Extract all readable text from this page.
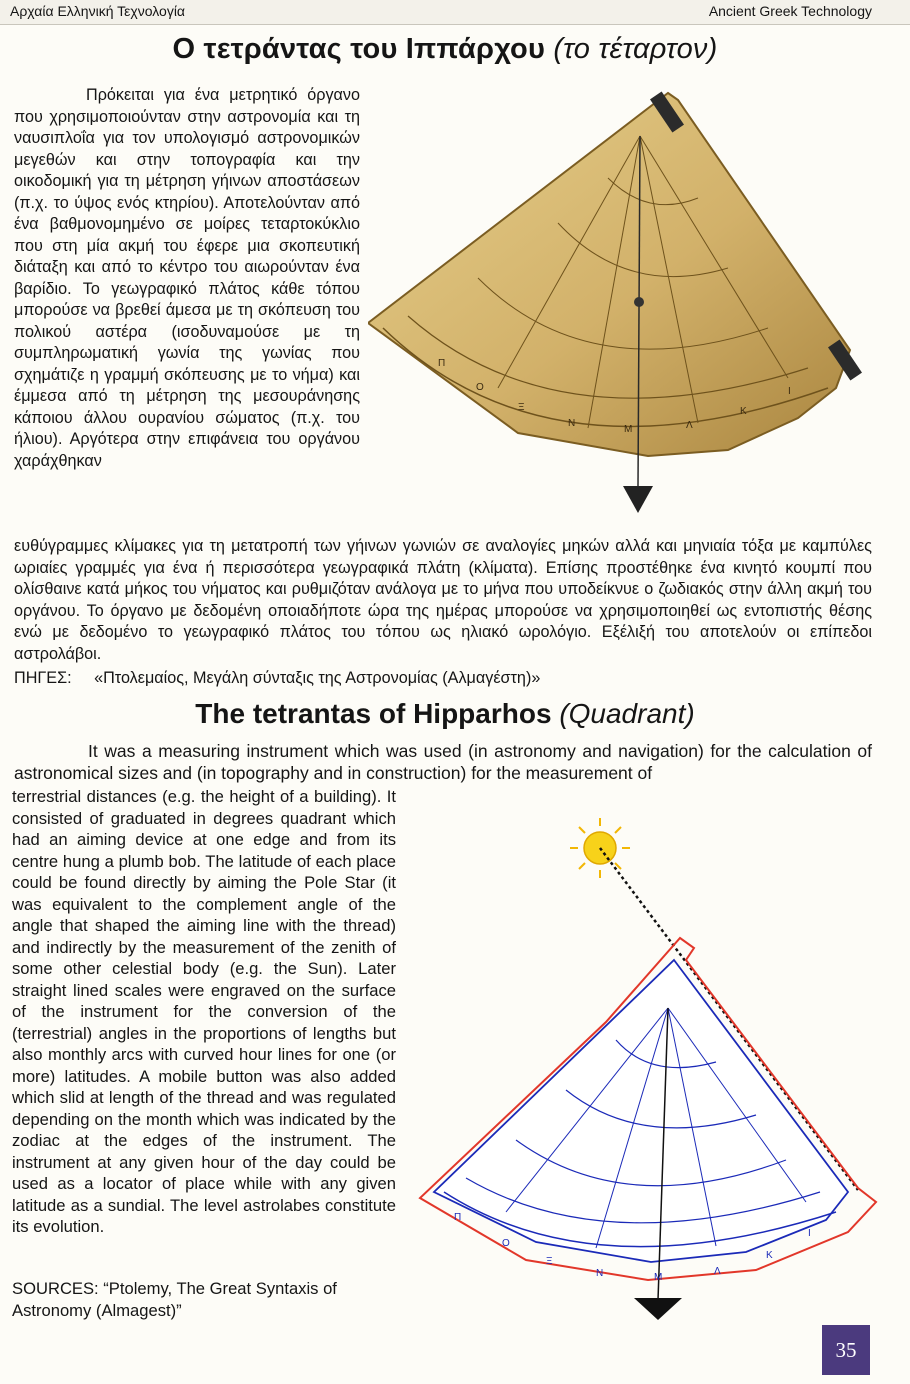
Αρχαία Ελληνική Τεχνολογία	Ancient Greek Technology
Ο τετράντας του Ιππάρχου (το τέταρτον)
Πρόκειται για ένα μετρητικό όργανο που χρησιμοποιούνταν στην αστρονομία και τη ναυσιπλοΐα για τον υπολογισμό αστρονομικών μεγεθών και στην τοπογραφία και την οικοδομική για τη μέτρηση γήινων αποστάσεων (π.χ. το ύψος ενός κτηρίου). Αποτελούνταν από ένα βαθμονομημένο σε μοίρες τεταρτοκύκλιο που στη μία ακμή του έφερε μια σκοπευτική διάταξη και από το κέντρο του αιωρούνταν ένα βαρίδιο. Το γεωγραφικό πλάτος κάθε τόπου μπορούσε να βρεθεί άμεσα με τη σκόπευση του πολικού αστέρα (ισοδυναμούσε με τη συμπληρωματική γωνία της γωνίας που σχημάτιζε η γραμμή σκόπευσης με το νήμα) και έμμεσα από τη μέτρηση της μεσουράνησης κάποιου άλλου ουρανίου σώματος (π.χ. του ήλιου). Αργότερα στην επιφάνεια του οργάνου χαράχθηκαν
Π
Ο
Ξ
Ν
Μ	Λ
Κ
Ι
ευθύγραμμες κλίμακες για τη μετατροπή των γήινων γωνιών σε αναλογίες μηκών αλλά και μηνιαία τόξα με καμπύλες ωριαίες γραμμές για ένα ή περισσότερα γεωγραφικά πλάτη (κλίματα). Επίσης προστέθηκε ένα κινητό κουμπί που ολίσθαινε κατά μήκος του νήματος και ρυθμιζόταν ανάλογα με το μήνα που υποδείκνυε ο ζωδιακός στην άλλη ακμή του οργάνου. Το όργανο με δεδομένη οποιαδήποτε ώρα της ημέρας μπορούσε να χρησιμοποιηθεί ως εντοπιστής θέσης ενώ με δεδομένο το γεωγραφικό πλάτος του τόπου ως ηλιακό ωρολόγιο. Εξέλιξή του αποτελούν οι επίπεδοι αστρολάβοι.
ΠΗΓΕΣ: «Πτολεμαίος, Μεγάλη σύνταξις της Αστρονομίας (Αλμαγέστη)»
The tetrantas of Hipparhos (Quadrant)
It was a measuring instrument which was used (in astronomy and navigation) for the calculation of astronomical sizes and (in topography and in construction) for the measurement of
terrestrial distances (e.g. the height of a building). It consisted of graduated in degrees quadrant which had an aiming device at one edge and from its centre hung a plumb bob. The latitude of each place could be found directly by aiming the Pole Star (it was equivalent to the complement angle of the angle that shaped the aiming line with the thread) and indirectly by the measurement of the zenith of some other celestial body (e.g. the Sun). Later straight lined scales were engraved on the surface of the instrument for the conversion of the (terrestrial) angles in the proportions of lengths but also monthly arcs with curved hour lines for one (or more) latitudes. A mobile button was also added which slid at length of the thread and was regulated depending on the month which was indicated by the zodiac at the edges of the instrument. The instrument at any given hour of the day could be used as a locator of place while with any given latitude as a sundial. The level astrolabes constitute its evolution.
SOURCES: “Ptolemy, The Great Syntaxis of Astronomy (Almagest)”
Π
Ο
Ξ
Ν	Μ
Λ
Κ
Ι
35
